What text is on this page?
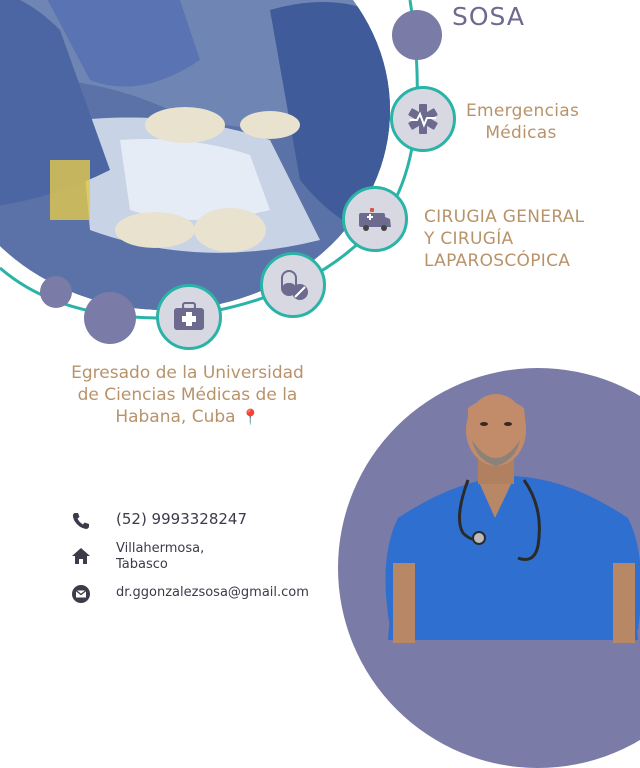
SOSA
Emergencias
Médicas
CIRUGIA GENERAL
Y CIRUGÍA
LAPAROSCÓPICA
Egresado de la Universidad
de Ciencias Médicas de la
Habana, Cuba 📍
(52) 9993328247
Villahermosa,
Tabasco
dr.ggonzalezsosa@gmail.com
